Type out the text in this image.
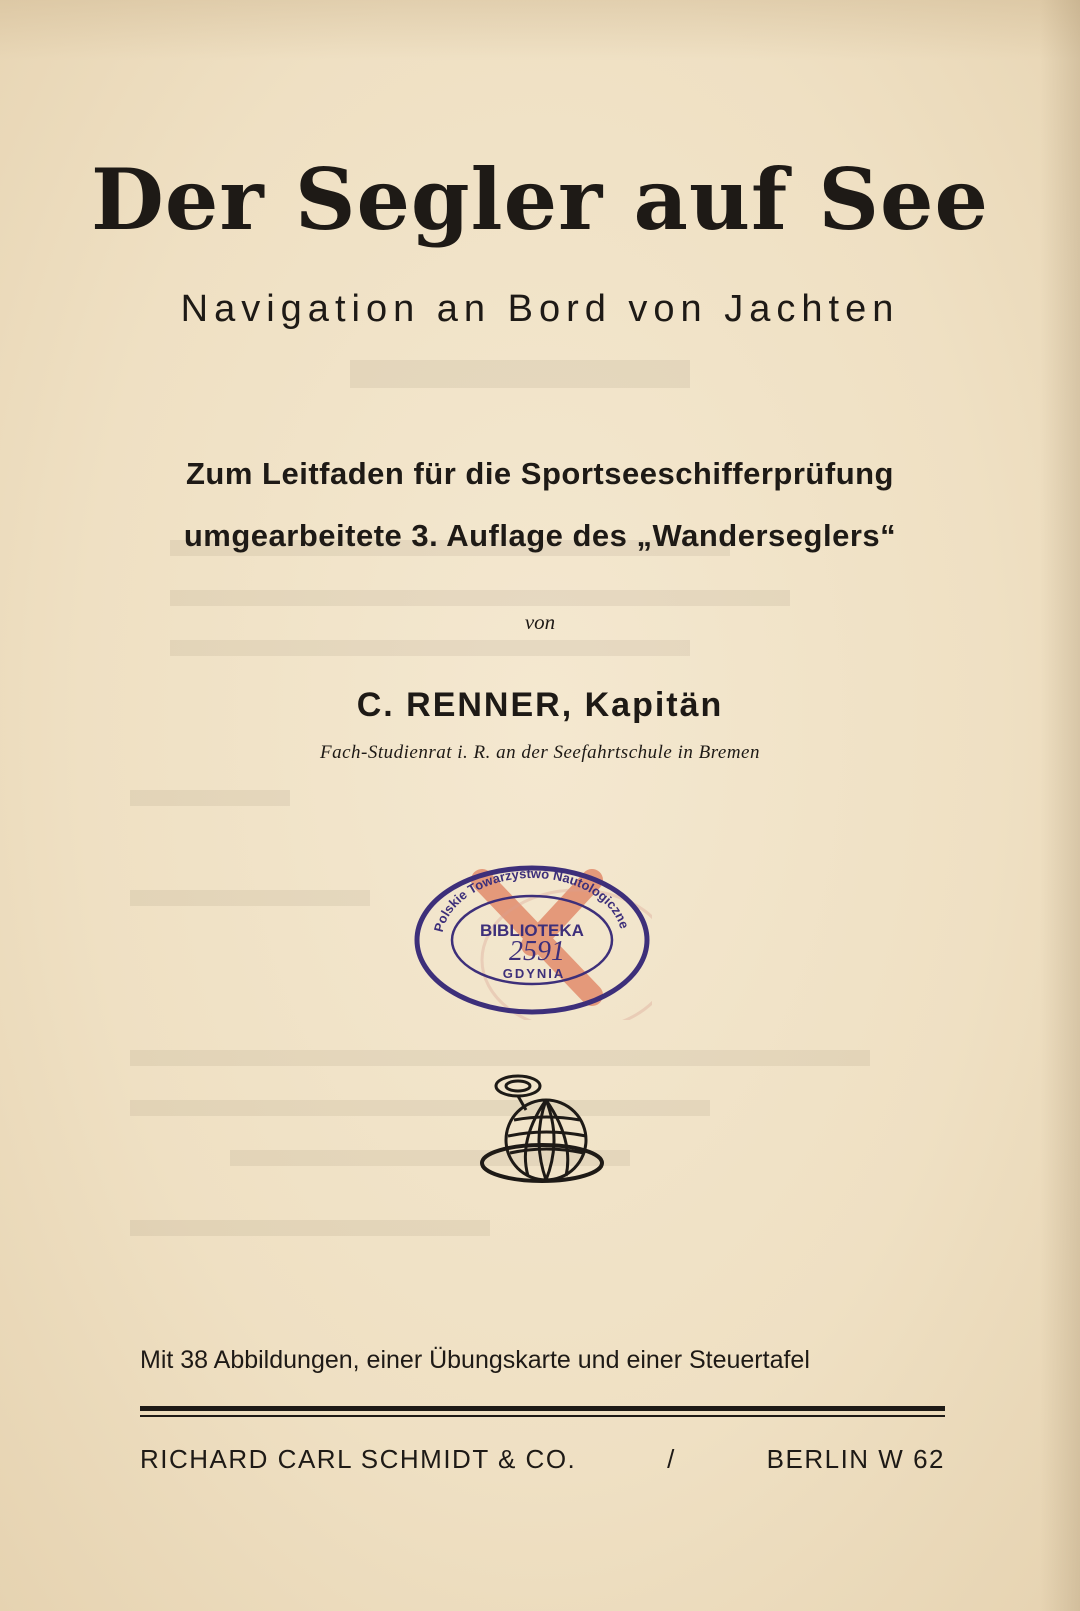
Der Segler auf See
Navigation an Bord von Jachten
Zum Leitfaden für die Sportseeschifferprüfung
umgearbeitete 3. Auflage des „Wanderseglers“
von
C. RENNER, Kapitän
Fach-Studienrat i. R. an der Seefahrtschule in Bremen
Polskie Towarzystwo Nautologiczne
BIBLIOTEKA
2591
GDYNIA
Mit 38 Abbildungen, einer Übungskarte und einer Steuertafel
RICHARD CARL SCHMIDT & CO.	/	BERLIN W 62
